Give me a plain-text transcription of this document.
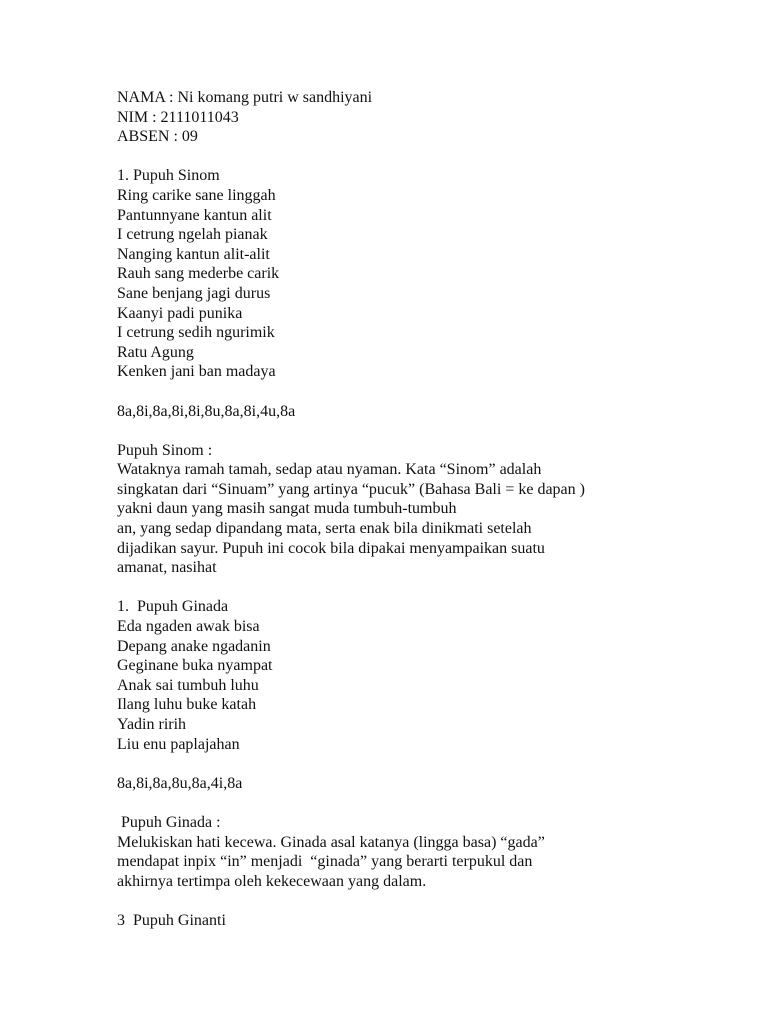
NAMA : Ni komang putri w sandhiyani
NIM : 2111011043
ABSEN : 09
1. Pupuh Sinom
Ring carike sane linggah
Pantunnyane kantun alit
I cetrung ngelah pianak
Nanging kantun alit-alit
Rauh sang mederbe carik
Sane benjang jagi durus
Kaanyi padi punika
I cetrung sedih ngurimik
Ratu Agung
Kenken jani ban madaya
8a,8i,8a,8i,8i,8u,8a,8i,4u,8a
Pupuh Sinom :
Wataknya ramah tamah, sedap atau nyaman. Kata “Sinom” adalah
singkatan dari “Sinuam” yang artinya “pucuk” (Bahasa Bali = ke dapan )
yakni daun yang masih sangat muda tumbuh-tumbuh
an, yang sedap dipandang mata, serta enak bila dinikmati setelah
dijadikan sayur. Pupuh ini cocok bila dipakai menyampaikan suatu
amanat, nasihat
1.  Pupuh Ginada
Eda ngaden awak bisa
Depang anake ngadanin
Geginane buka nyampat
Anak sai tumbuh luhu
Ilang luhu buke katah
Yadin ririh
Liu enu paplajahan
8a,8i,8a,8u,8a,4i,8a
Pupuh Ginada :
Melukiskan hati kecewa. Ginada asal katanya (lingga basa) “gada”
mendapat inpix “in” menjadi  “ginada” yang berarti terpukul dan
akhirnya tertimpa oleh kekecewaan yang dalam.
3  Pupuh Ginanti
